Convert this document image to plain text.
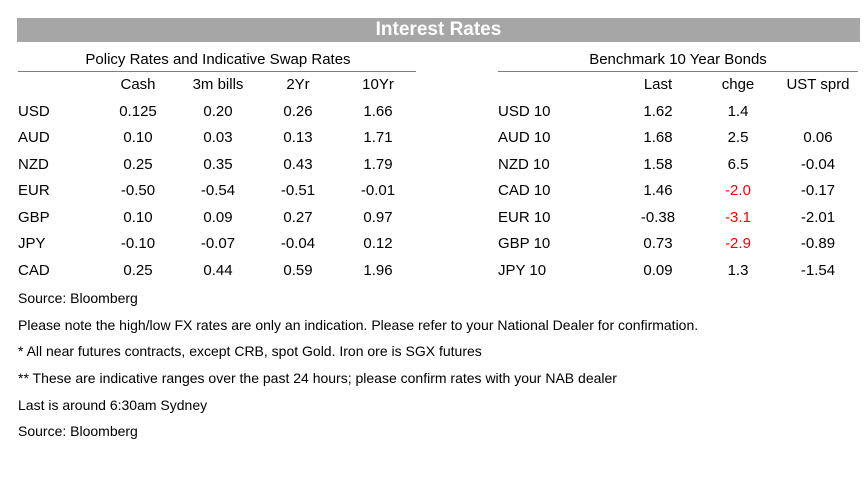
Interest Rates
Policy Rates and Indicative Swap Rates	Benchmark 10 Year Bonds
	Cash	3m bills	2Yr	10Yr
USD	0.125	0.20	0.26	1.66
AUD	0.10	0.03	0.13	1.71
NZD	0.25	0.35	0.43	1.79
EUR	-0.50	-0.54	-0.51	-0.01
GBP	0.10	0.09	0.27	0.97
JPY	-0.10	-0.07	-0.04	0.12
CAD	0.25	0.44	0.59	1.96
	Last	chge	UST sprd
USD 10	1.62	1.4	
AUD 10	1.68	2.5	0.06
NZD 10	1.58	6.5	-0.04
CAD 10	1.46	-2.0	-0.17
EUR 10	-0.38	-3.1	-2.01
GBP 10	0.73	-2.9	-0.89
JPY 10	0.09	1.3	-1.54
Source: Bloomberg
Please note the high/low FX rates are only an indication. Please refer to your National Dealer for confirmation.
* All near futures contracts, except CRB, spot Gold. Iron ore is SGX futures
** These are indicative ranges over the past 24 hours; please confirm rates with your NAB dealer
Last is around 6:30am Sydney
Source: Bloomberg
